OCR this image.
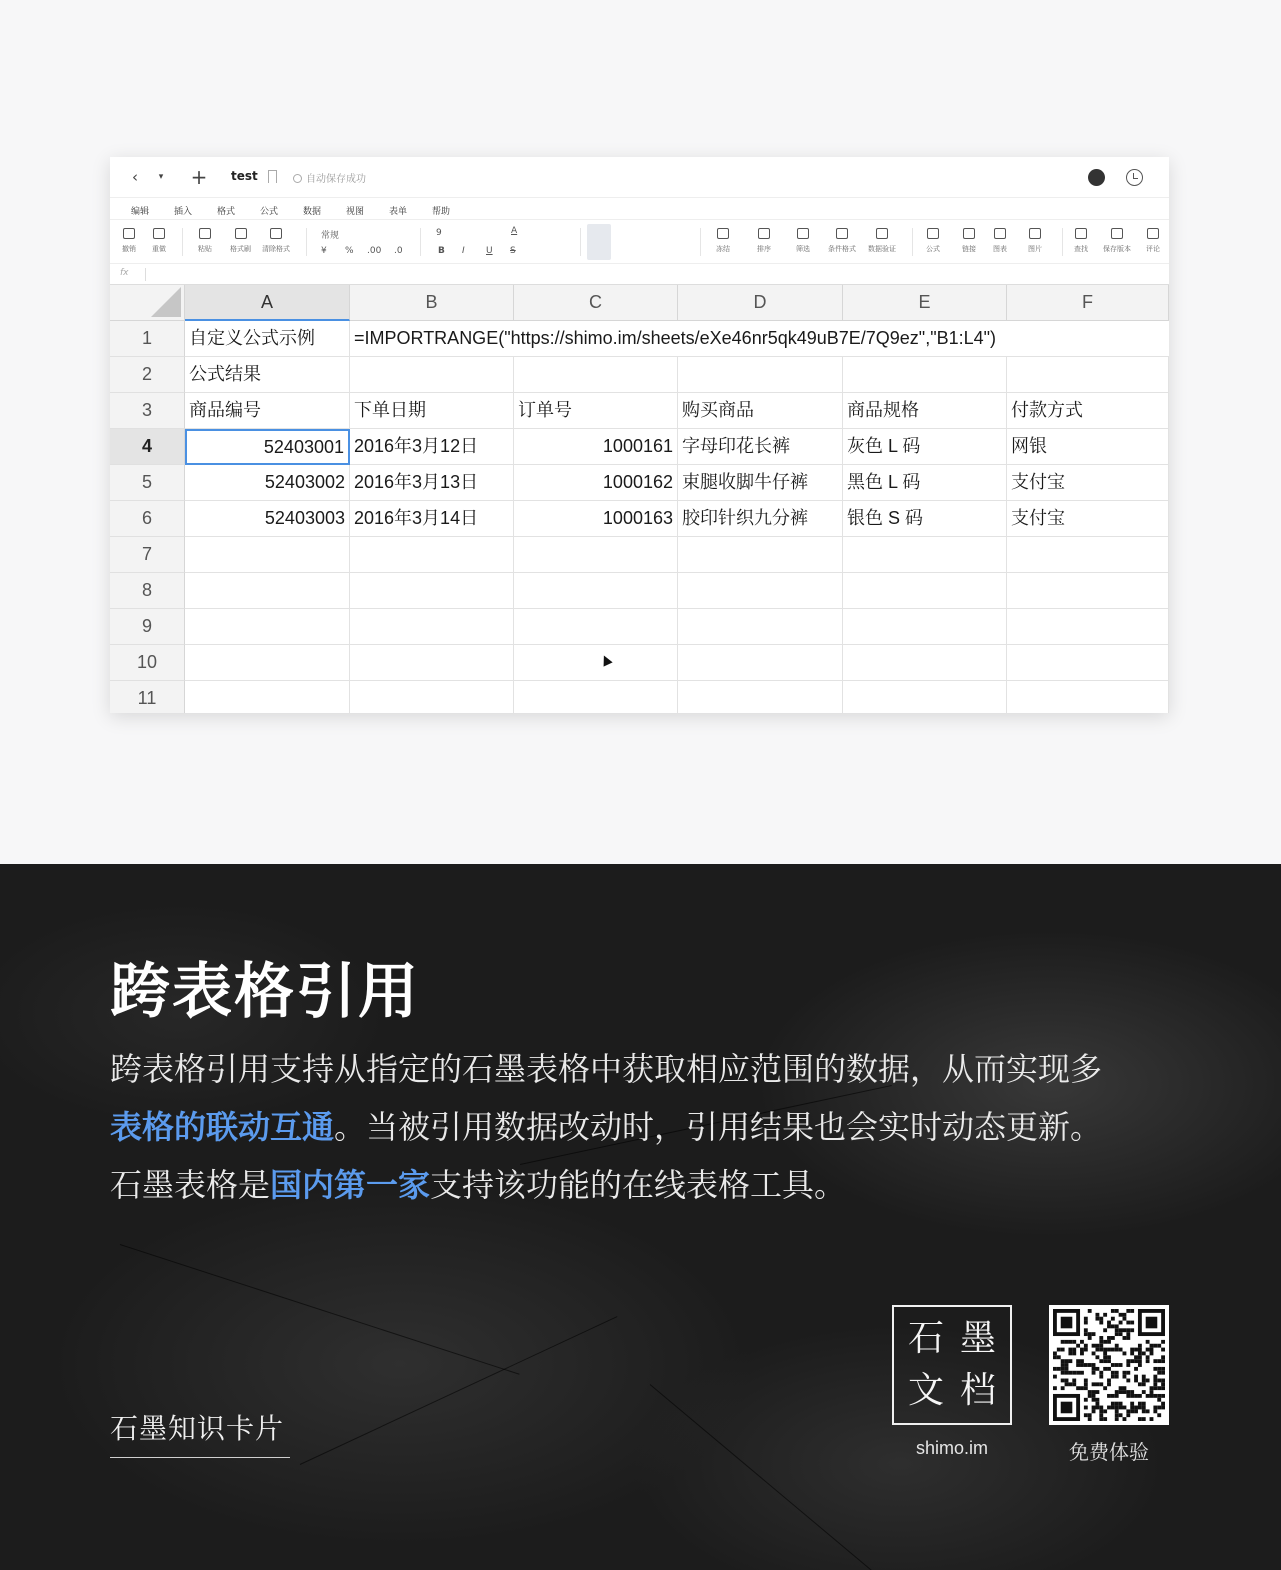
‹ ▾ + test	自动保存成功
编辑	插入	格式	公式	数据	视图	表单	帮助
撤销 重做	粘贴	格式刷 清除格式
常规
¥ % .00 .0
9
B I U S
A
冻结	排序	筛选	条件格式 数据验证	公式	链接 图表	图片	查找 保存版本 评论
fx
A	B	C	D	E	F
1
2
3
4
5
6
7
8
9
10
11
自定义公式示例	=IMPORTRANGE("https://shimo.im/sheets/eXe46nr5qk49uB7E/7Q9ez","B1:L4")
公式结果
商品编号	下单日期	订单号	购买商品	商品规格	付款方式
52403001 2016年3月12日	1000161 字母印花长裤	灰色 L 码	网银
52403002 2016年3月13日	1000162 束腿收脚牛仔裤	黑色 L 码	支付宝
52403003 2016年3月14日	1000163 胶印针织九分裤	银色 S 码	支付宝
跨表格引用
跨表格引用支持从指定的石墨表格中获取相应范围的数据，从而实现多
表格的联动互通。当被引用数据改动时，引用结果也会实时动态更新。
石墨表格是国内第一家支持该功能的在线表格工具。
石墨知识卡片
石 墨
文 档
shimo.im	免费体验
